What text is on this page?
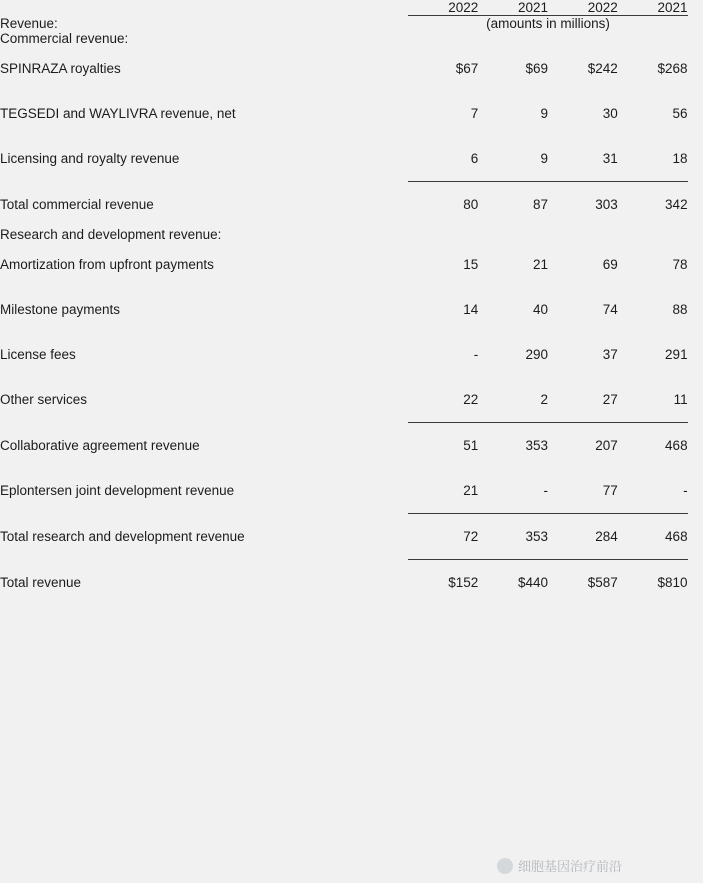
	2022	2021	2022	2021	

Revenue:	(amounts in millions)				
Commercial revenue:					
SPINRAZA royalties	$67	$69	$242	$268	
TEGSEDI and WAYLIVRA revenue, net	7	9	30	56	
Licensing and royalty revenue	6	9	31	18	

Total commercial revenue	80	87	303	342	
Research and development revenue:					
Amortization from upfront payments	15	21	69	78	
Milestone payments	14	40	74	88	
License fees	-	290	37	291	
Other services	22	2	27	11	

Collaborative agreement revenue	51	353	207	468	
Eplontersen joint development revenue	21	-	77	-	

Total research and development revenue	72	353	284	468	

Total revenue	$152	$440	$587	$810	
细胞基因治疗前沿
